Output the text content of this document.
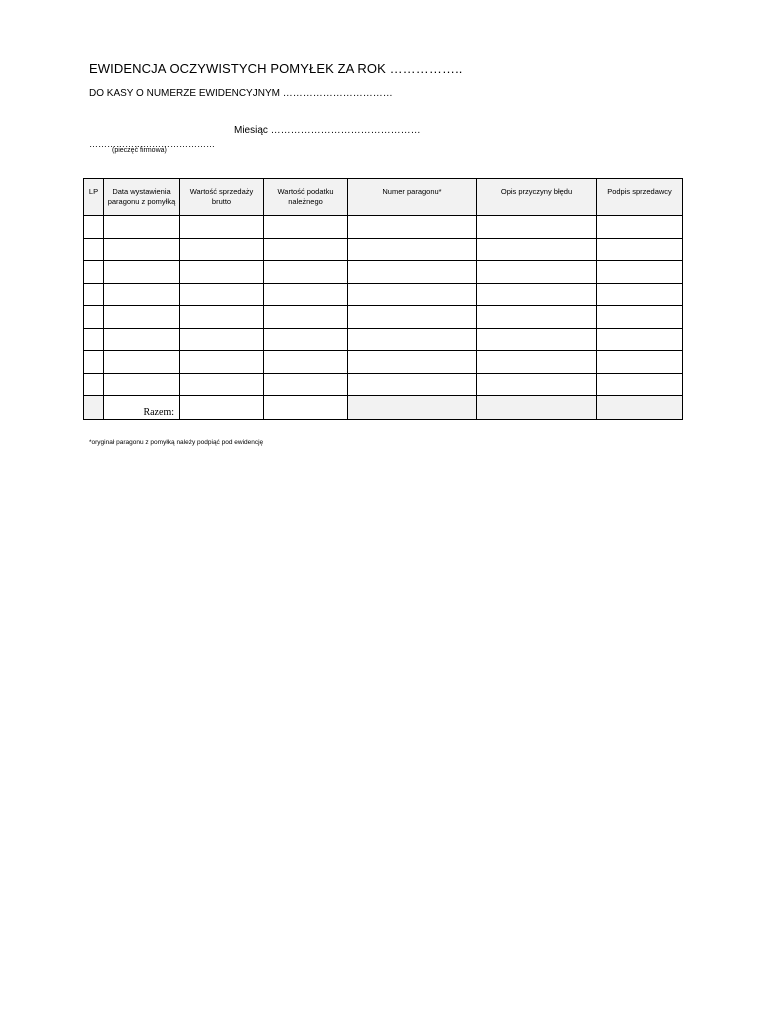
EWIDENCJA OCZYWISTYCH POMYŁEK ZA ROK ……………..
DO KASY O NUMERZE EWIDENCYJNYM ……………………………
Miesiąc ………………………………………
……………………………………
(pieczęć firmowa)
LP	Data wystawienia paragonu z pomyłką	Wartość sprzedaży brutto	Wartość podatku należnego	Numer paragonu*	Opis przyczyny błędu	Podpis sprzedawcy

	Razem:					
*oryginał paragonu z pomyłką należy podpiąć pod ewidencję
